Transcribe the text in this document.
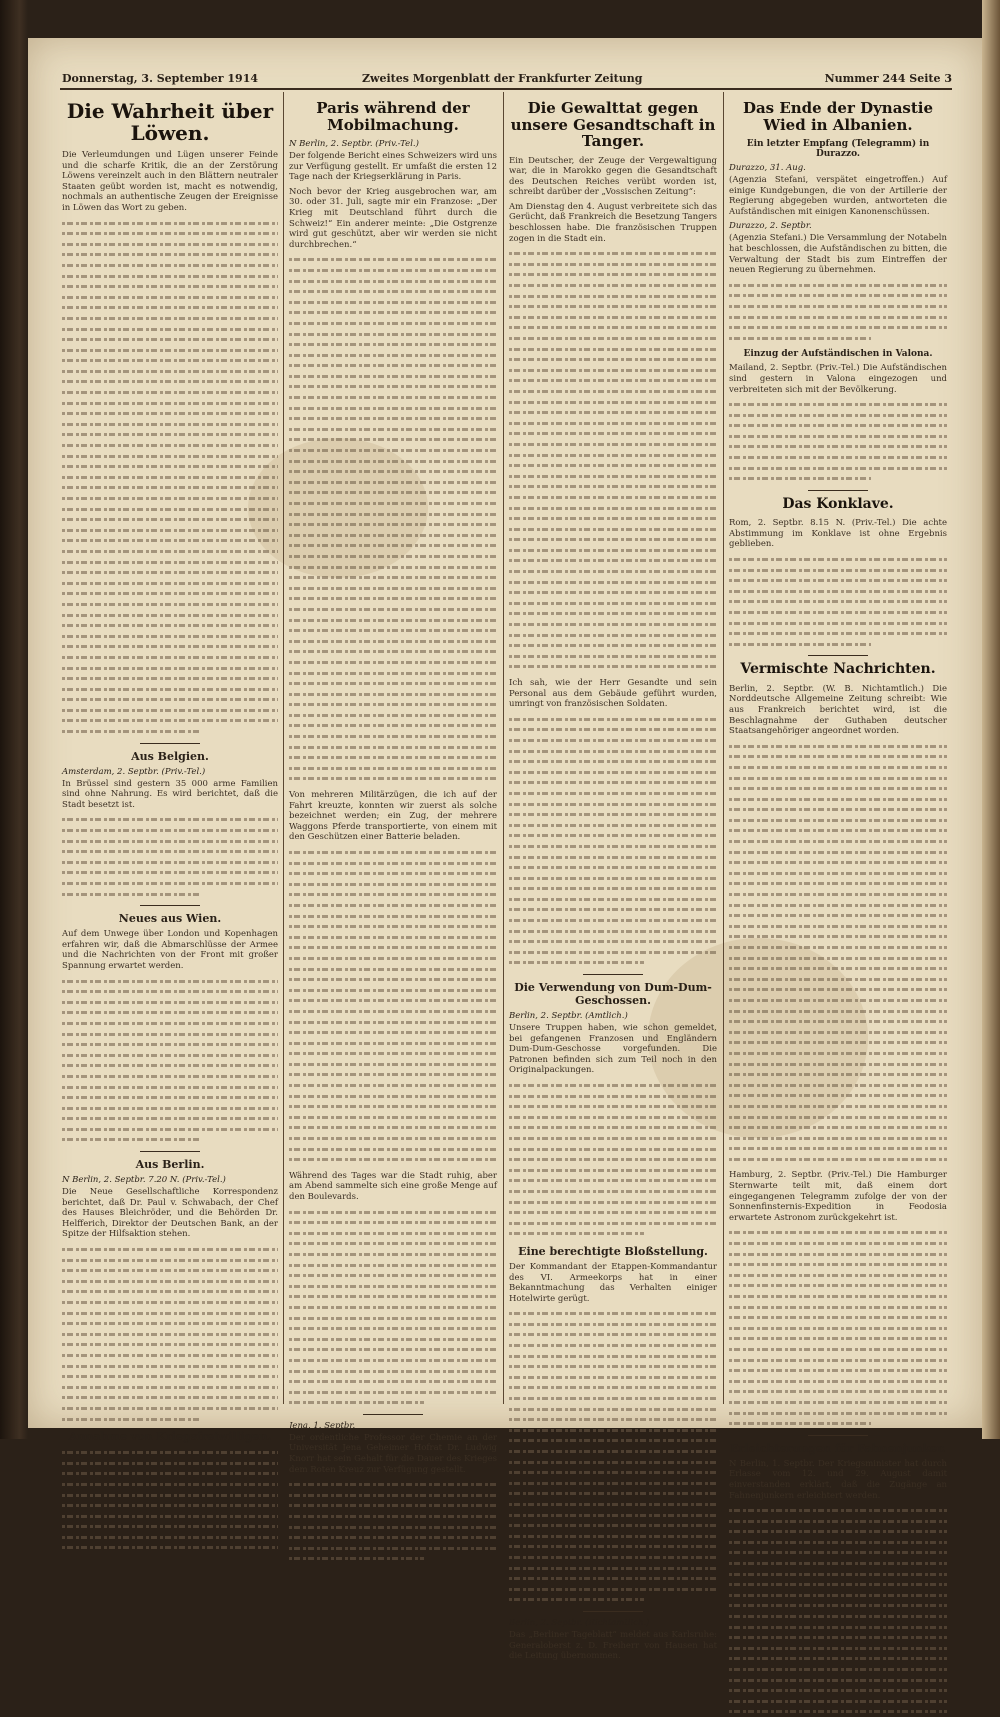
Donnerstag, 3. September 1914	Zweites Morgenblatt der Frankfurter Zeitung	Nummer 244 Seite 3
Die Wahrheit über Löwen.

Die Verleumdungen und Lügen unserer Feinde und die scharfe Kritik, die an der Zerstörung Löwens vereinzelt auch in den Blättern neutraler Staaten geübt worden ist, macht es notwendig, nochmals an authentische Zeugen der Ereignisse in Löwen das Wort zu geben.

Aus Belgien.
Amsterdam, 2. Septbr. (Priv.-Tel.)

In Brüssel sind gestern 35 000 arme Familien sind ohne Nahrung. Es wird berichtet, daß die Stadt besetzt ist.

Neues aus Wien.

Auf dem Unwege über London und Kopenhagen erfahren wir, daß die Abmarschlüsse der Armee und die Nachrichten von der Front mit großer Spannung erwartet werden.

Aus Berlin.
N Berlin, 2. Septbr. 7.20 N. (Priv.-Tel.)

Die Neue Gesellschaftliche Korrespondenz berichtet, daß Dr. Paul v. Schwabach, der Chef des Hauses Bleichröder, und die Behörden Dr. Helfferich, Direktor der Deutschen Bank, an der Spitze der Hilfsaktion stehen.

Annahme von Kriegsfreiwilligen.
Paris während der Mobilmachung.
N Berlin, 2. Septbr. (Priv.-Tel.)

Der folgende Bericht eines Schweizers wird uns zur Verfügung gestellt. Er umfaßt die ersten 12 Tage nach der Kriegserklärung in Paris.

Noch bevor der Krieg ausgebrochen war, am 30. oder 31. Juli, sagte mir ein Franzose: „Der Krieg mit Deutschland führt durch die Schweiz!“ Ein anderer meinte: „Die Ostgrenze wird gut geschützt, aber wir werden sie nicht durchbrechen.“

Von mehreren Militärzügen, die ich auf der Fahrt kreuzte, konnten wir zuerst als solche bezeichnet werden; ein Zug, der mehrere Waggons Pferde transportierte, von einem mit den Geschützen einer Batterie beladen.

Während des Tages war die Stadt ruhig, aber am Abend sammelte sich eine große Menge auf den Boulevards.

Jena, 1. Septbr.

Der ordentliche Professor der Chemie an der Universität Jena Geheimer Hofrat Dr. Ludwig Knorr hat sein Gehalt für die Dauer des Krieges dem Roten Kreuz zur Verfügung gestellt.

Die Gewalttat gegen unsere Gesandtschaft in Tanger.

Ein Deutscher, der Zeuge der Vergewaltigung war, die in Marokko gegen die Gesandtschaft des Deutschen Reiches verübt worden ist, schreibt darüber der „Vossischen Zeitung“:

Am Dienstag den 4. August verbreitete sich das Gerücht, daß Frankreich die Besetzung Tangers beschlossen habe. Die französischen Truppen zogen in die Stadt ein.

Ich sah, wie der Herr Gesandte und sein Personal aus dem Gebäude geführt wurden, umringt von französischen Soldaten.

Die Verwendung von Dum-Dum-Geschossen.
Berlin, 2. Septbr. (Amtlich.)

Unsere Truppen haben, wie schon gemeldet, bei gefangenen Franzosen und Engländern Dum-Dum-Geschosse vorgefunden. Die Patronen befinden sich zum Teil noch in den Originalpackungen.

Eine berechtigte Bloßstellung.

Der Kommandant der Etappen-Kommandantur des VI. Armeekorps hat in einer Bekanntmachung das Verhalten einiger Hotelwirte gerügt.

Berlin, 2. Septbr. (Richtamtlich.)

Das „Berliner Tageblatt“ meldet aus Karlsruhe: Generaloberst z. D. Freiherr von Hausen hat die Leitung übernommen.

Das Ende der Dynastie Wied in Albanien.
Ein letzter Empfang (Telegramm) in Durazzo.
Durazzo, 31. Aug.

(Agenzia Stefani, verspätet eingetroffen.) Auf einige Kundgebungen, die von der Artillerie der Regierung abgegeben wurden, antworteten die Aufständischen mit einigen Kanonenschüssen.

Durazzo, 2. Septbr.

(Agenzia Stefani.) Die Versammlung der Notabeln hat beschlossen, die Aufständischen zu bitten, die Verwaltung der Stadt bis zum Eintreffen der neuen Regierung zu übernehmen.

Einzug der Aufständischen in Valona.

Mailand, 2. Septbr. (Priv.-Tel.) Die Aufständischen sind gestern in Valona eingezogen und verbreiteten sich mit der Bevölkerung.

Das Konklave.

Rom, 2. Septbr. 8.15 N. (Priv.-Tel.) Die achte Abstimmung im Konklave ist ohne Ergebnis geblieben.

Vermischte Nachrichten.

Berlin, 2. Septbr. (W. B. Nichtamtlich.) Die Norddeutsche Allgemeine Zeitung schreibt: Wie aus Frankreich berichtet wird, ist die Beschlagnahme der Guthaben deutscher Staatsangehöriger angeordnet worden.

Hamburg, 2. Septbr. (Priv.-Tel.) Die Hamburger Sternwarte teilt mit, daß einem dort eingegangenen Telegramm zufolge der von der Sonnenfinsternis-Expedition in Feodosia erwartete Astronom zurückgekehrt ist.

Erleichterungen für Fahnenjunker.

N Berlin, 1. Septbr. Der Kriegsminister hat durch Erlasse vom 12. und 29. August damit einverstanden erklärt, daß die Zugänge an Fahnenjunkern erleichtert werden.
